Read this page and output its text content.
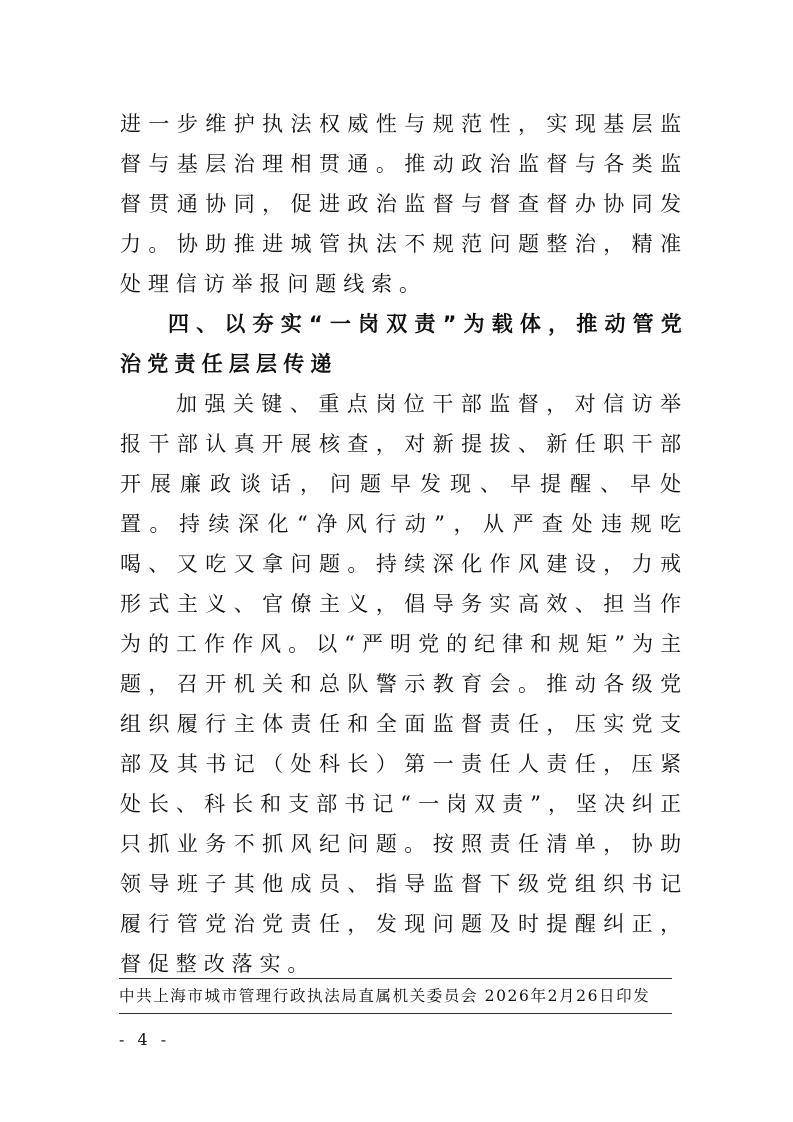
进一步维护执法权威性与规范性，实现基层监督与基层治理相贯通。推动政治监督与各类监督贯通协同，促进政治监督与督查督办协同发力。协助推进城管执法不规范问题整治，精准处理信访举报问题线索。

四、以夯实“一岗双责”为载体，推动管党治党责任层层传递

加强关键、重点岗位干部监督，对信访举报干部认真开展核查，对新提拔、新任职干部开展廉政谈话，问题早发现、早提醒、早处置。持续深化“净风行动”，从严查处违规吃喝、又吃又拿问题。持续深化作风建设，力戒形式主义、官僚主义，倡导务实高效、担当作为的工作作风。以“严明党的纪律和规矩”为主题，召开机关和总队警示教育会。推动各级党组织履行主体责任和全面监督责任，压实党支部及其书记（处科长）第一责任人责任，压紧处长、科长和支部书记“一岗双责”，坚决纠正只抓业务不抓风纪问题。按照责任清单，协助领导班子其他成员、指导监督下级党组织书记履行管党治党责任，发现问题及时提醒纠正，督促整改落实。

中共上海市城市管理行政执法局直属机关委员会 2026年2月26日印发
- 4 -
